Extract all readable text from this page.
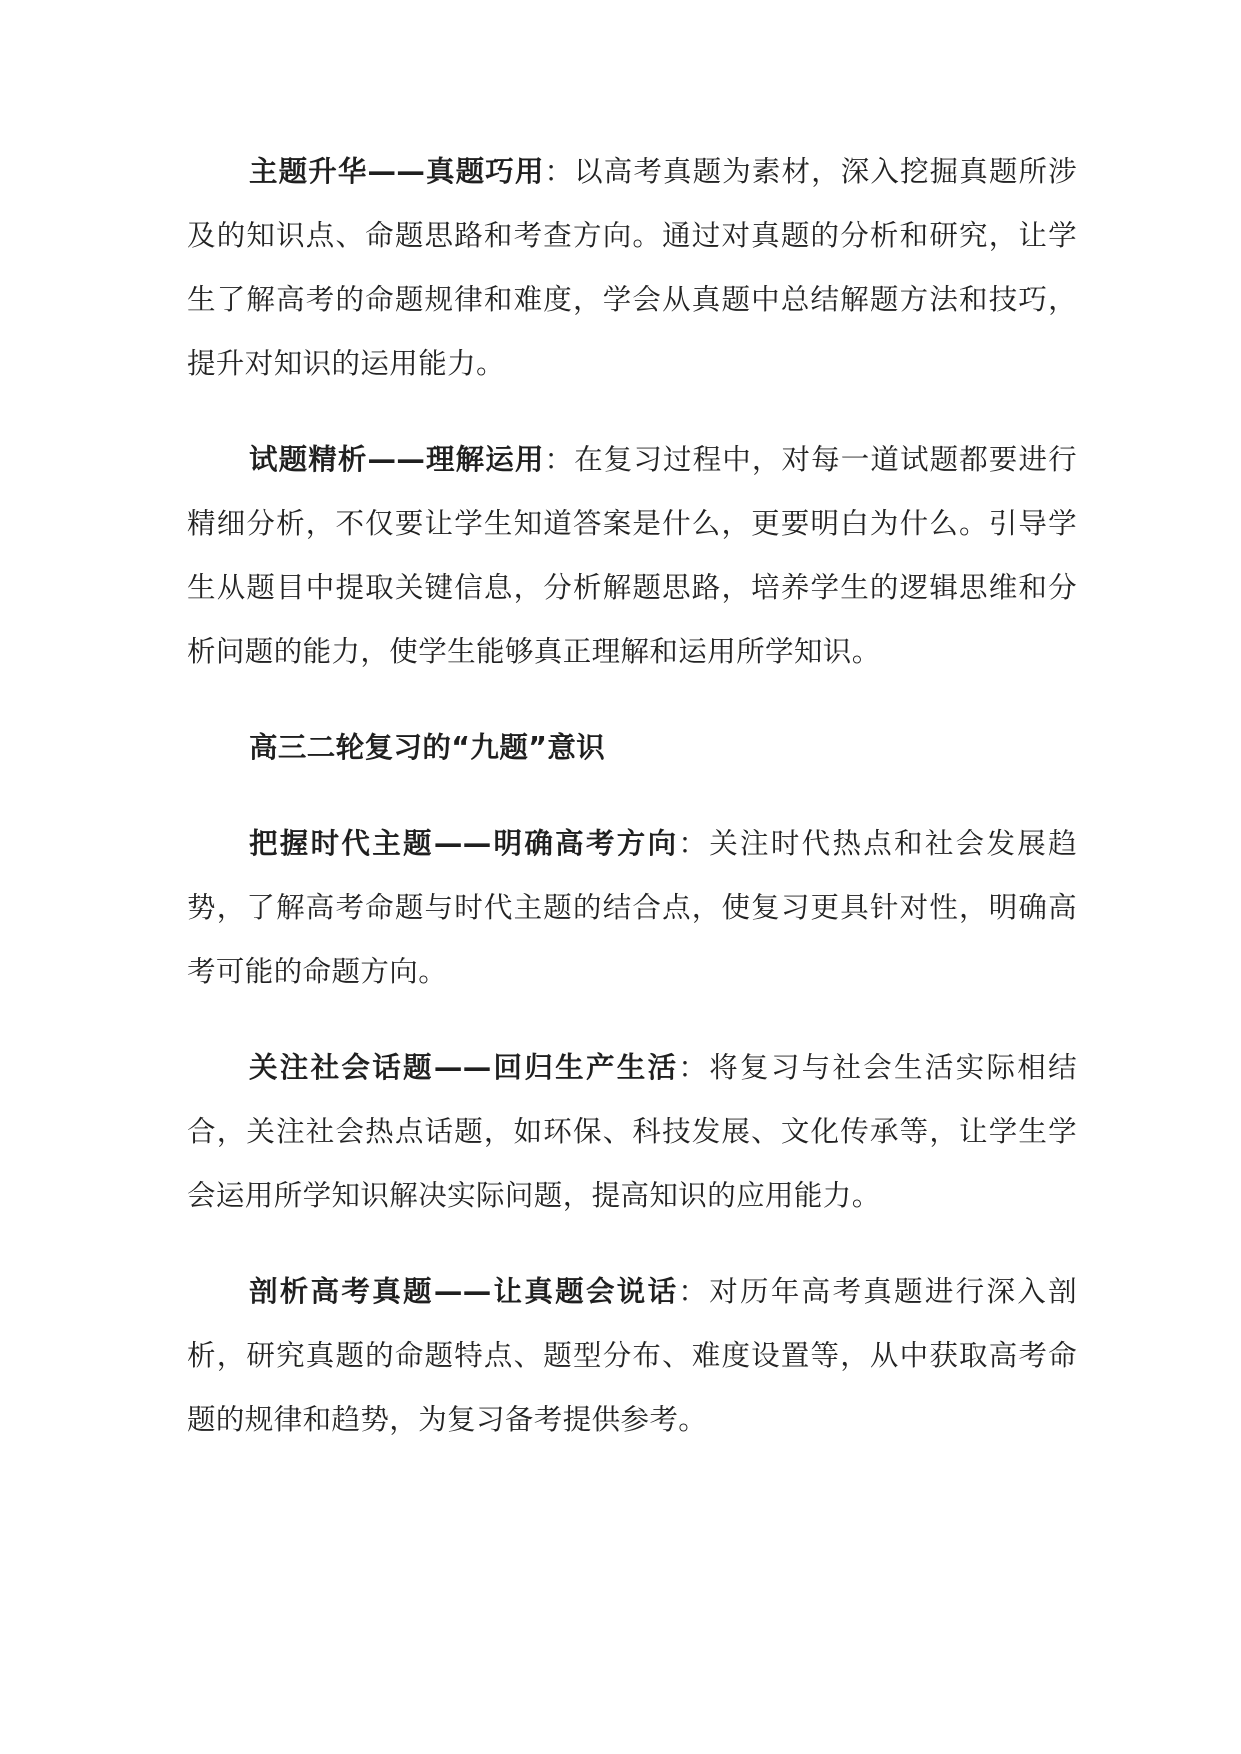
主题升华——真题巧用：以高考真题为素材，深入挖掘真题所涉及的知识点、命题思路和考查方向。通过对真题的分析和研究，让学生了解高考的命题规律和难度，学会从真题中总结解题方法和技巧，提升对知识的运用能力。

试题精析——理解运用：在复习过程中，对每一道试题都要进行精细分析，不仅要让学生知道答案是什么，更要明白为什么。引导学生从题目中提取关键信息，分析解题思路，培养学生的逻辑思维和分析问题的能力，使学生能够真正理解和运用所学知识。

高三二轮复习的“九题”意识

把握时代主题——明确高考方向：关注时代热点和社会发展趋势，了解高考命题与时代主题的结合点，使复习更具针对性，明确高考可能的命题方向。

关注社会话题——回归生产生活：将复习与社会生活实际相结合，关注社会热点话题，如环保、科技发展、文化传承等，让学生学会运用所学知识解决实际问题，提高知识的应用能力。

剖析高考真题——让真题会说话：对历年高考真题进行深入剖析，研究真题的命题特点、题型分布、难度设置等，从中获取高考命题的规律和趋势，为复习备考提供参考。
